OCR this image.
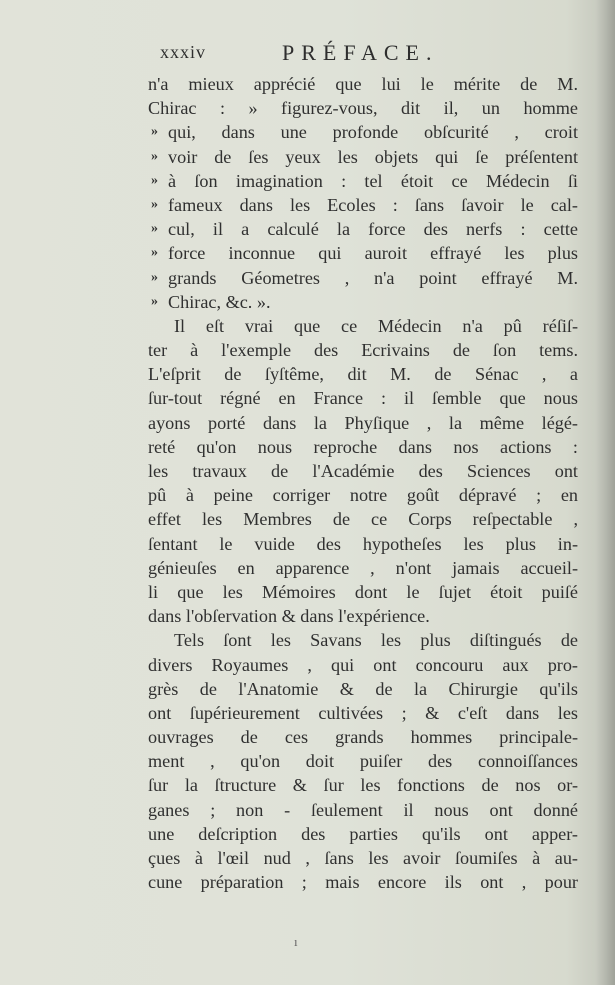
xxxiv	PRÉFACE.
n'a mieux apprécié que lui le mérite de M.
Chirac : » figurez-vous, dit il, un homme
» qui, dans une profonde obſcurité , croit
» voir de ſes yeux les objets qui ſe préſentent
» à ſon imagination : tel étoit ce Médecin ſi
» fameux dans les Ecoles : ſans ſavoir le cal-
» cul, il a calculé la force des nerfs : cette
» force inconnue qui auroit effrayé les plus
» grands Géometres , n'a point effrayé M.
» Chirac, &c. ».
Il eſt vrai que ce Médecin n'a pû réſiſ-
ter à l'exemple des Ecrivains de ſon tems.
L'eſprit de ſyſtême, dit M. de Sénac , a
ſur-tout régné en France : il ſemble que nous
ayons porté dans la Phyſique , la même légé-
reté qu'on nous reproche dans nos actions :
les travaux de l'Académie des Sciences ont
pû à peine corriger notre goût dépravé ; en
effet les Membres de ce Corps reſpectable ,
ſentant le vuide des hypotheſes les plus in-
génieuſes en apparence , n'ont jamais accueil-
li que les Mémoires dont le ſujet étoit puiſé
dans l'obſervation & dans l'expérience.
Tels ſont les Savans les plus diſtingués de
divers Royaumes , qui ont concouru aux pro-
grès de l'Anatomie & de la Chirurgie qu'ils
ont ſupérieurement cultivées ; & c'eſt dans les
ouvrages de ces grands hommes principale-
ment , qu'on doit puiſer des connoiſſances
ſur la ſtructure & ſur les fonctions de nos or-
ganes ; non - ſeulement il nous ont donné
une deſcription des parties qu'ils ont apper-
çues à l'œil nud , ſans les avoir ſoumiſes à au-
cune préparation ; mais encore ils ont , pour
ı
